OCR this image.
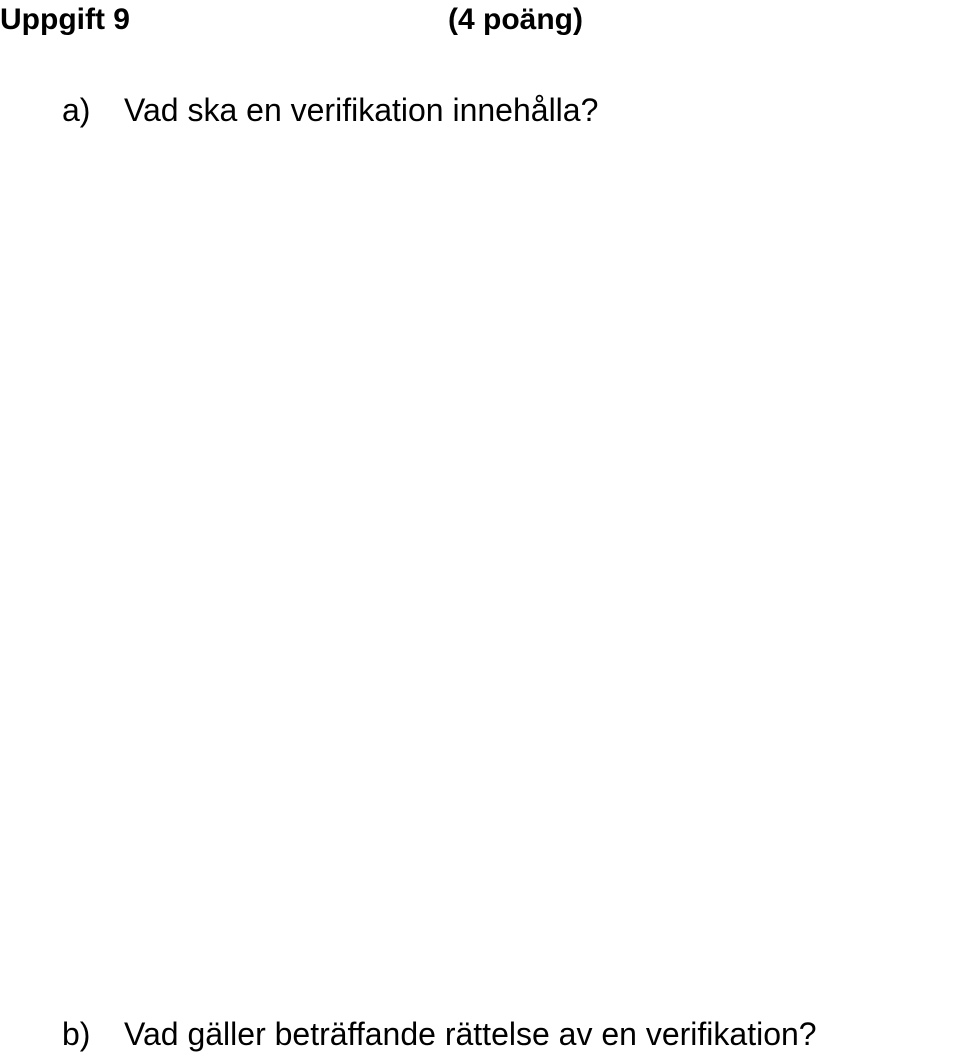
Uppgift 9	(4 poäng)
a) Vad ska en verifikation innehålla?
b) Vad gäller beträffande rättelse av en verifikation?
